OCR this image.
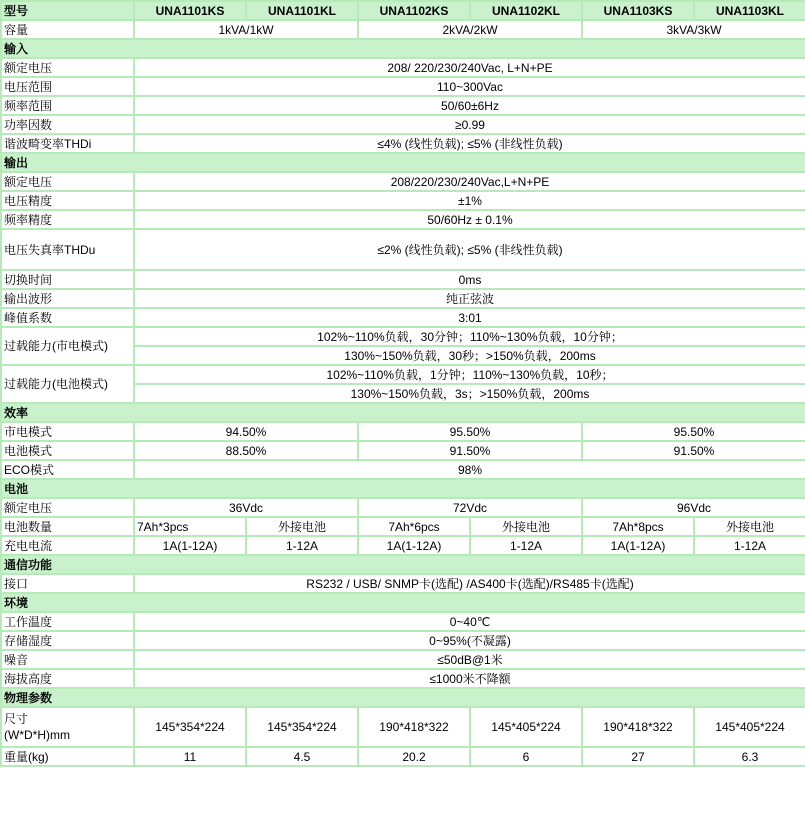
型号	UNA1101KS	UNA1101KL	UNA1102KS	UNA1102KL	UNA1103KS	UNA1103KL
容量	1kVA/1kW		2kVA/2kW		3kVA/3kW	
输入						
额定电压	208/ 220/230/240Vac, L+N+PE					
电压范围	110~300Vac					
频率范围	50/60±6Hz					
功率因数	≥0.99					
谐波畸变率THDi	≤4% (线性负载); ≤5% (非线性负载)					
输出						
额定电压	208/220/230/240Vac,L+N+PE					
电压精度	±1%					
频率精度	50/60Hz ± 0.1%					
电压失真率THDu	≤2% (线性负载); ≤5% (非线性负载)					
切换时间	0ms					
输出波形	纯正弦波					
峰值系数	3:01					
过载能力(市电模式)	102%~110%负载，30分钟；110%~130%负载，10分钟；					
	130%~150%负载，30秒；>150%负载，200ms					
过载能力(电池模式)	102%~110%负载，1分钟；110%~130%负载，10秒；					
	130%~150%负载，3s；>150%负载，200ms					
效率						
市电模式	94.50%		95.50%		95.50%	
电池模式	88.50%		91.50%		91.50%	
ECO模式	98%					
电池						
额定电压	36Vdc		72Vdc		96Vdc	
电池数量	7Ah*3pcs	外接电池	7Ah*6pcs	外接电池	7Ah*8pcs	外接电池
充电电流	1A(1-12A)	1-12A	1A(1-12A)	1-12A	1A(1-12A)	1-12A
通信功能						
接口	RS232 / USB/ SNMP卡(选配) /AS400卡(选配)/RS485卡(选配)					
环境						
工作温度	0~40℃					
存储湿度	0~95%(不凝露)					
噪音	≤50dB@1米					
海拔高度	≤1000米不降额					
物理参数						

尺寸
(W*D*H)mm	145*354*224	145*354*224	190*418*322	145*405*224	190*418*322	145*405*224
重量(kg)	11	4.5	20.2	6	27	6.3
